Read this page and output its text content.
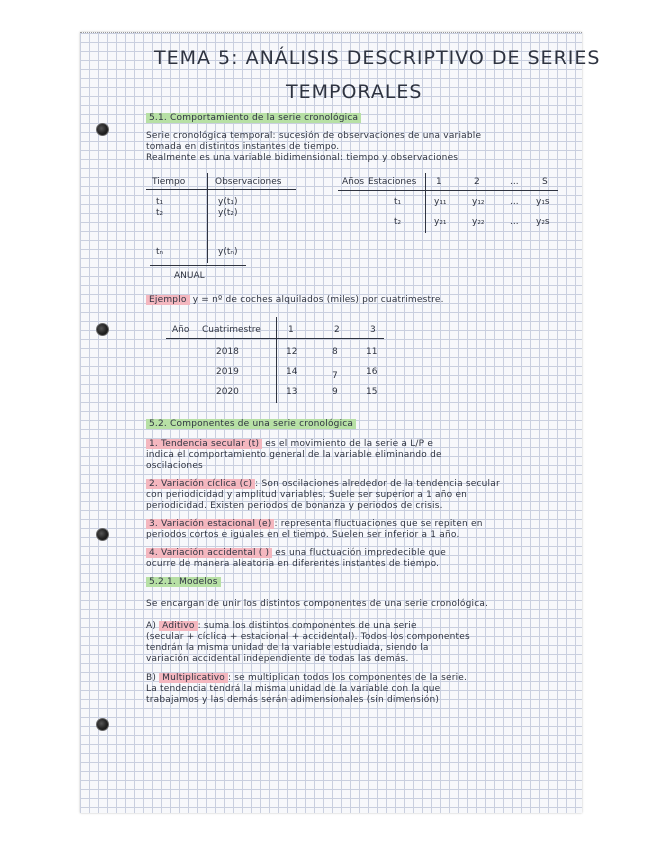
TEMA 5: ANÁLISIS DESCRIPTIVO DE SERIES
TEMPORALES
5.1. Comportamiento de la serie cronológica
Serie cronológica temporal: sucesión de observaciones de una variable
tomada en distintos instantes de tiempo.
Realmente es una variable bidimensional: tiempo y observaciones
Tiempo	Observaciones
t₁	y(t₁)
t₂	y(t₂)
tₙ	y(tₙ)
ANUAL
Años Estaciones 1	2	...	S
t₁	y₁₁	y₁₂	... y₁s
t₂	y₂₁	y₂₂	... y₂s
Ejemplo y = nº de coches alquilados (miles) por cuatrimestre.
Año Cuatrimestre	1	2	3
2018	12	8	11
2019	14	7	16
2020	13	9	15
5.2. Componentes de una serie cronológica
1. Tendencia secular (t) es el movimiento de la serie a L/P e
indica el comportamiento general de la variable eliminando de
oscilaciones
2. Variación cíclica (c) : Son oscilaciones alrededor de la tendencia secular
con periodicidad y amplitud variables. Suele ser superior a 1 año en
periodicidad. Existen periodos de bonanza y periodos de crisis.
3. Variación estacional (e) : representa fluctuaciones que se repiten en
periodos cortos e iguales en el tiempo. Suelen ser inferior a 1 año.
4. Variación accidental ( ) es una fluctuación impredecible que
ocurre de manera aleatoria en diferentes instantes de tiempo.
5.2.1. Modelos
Se encargan de unir los distintos componentes de una serie cronológica.
A) Aditivo : suma los distintos componentes de una serie
(secular + cíclica + estacional + accidental). Todos los componentes
tendrán la misma unidad de la variable estudiada, siendo la
variación accidental independiente de todas las demás.
B) Multiplicativo : se multiplican todos los componentes de la serie.
La tendencia tendrá la misma unidad de la variable con la que
trabajamos y las demás serán adimensionales (sin dimensión)
